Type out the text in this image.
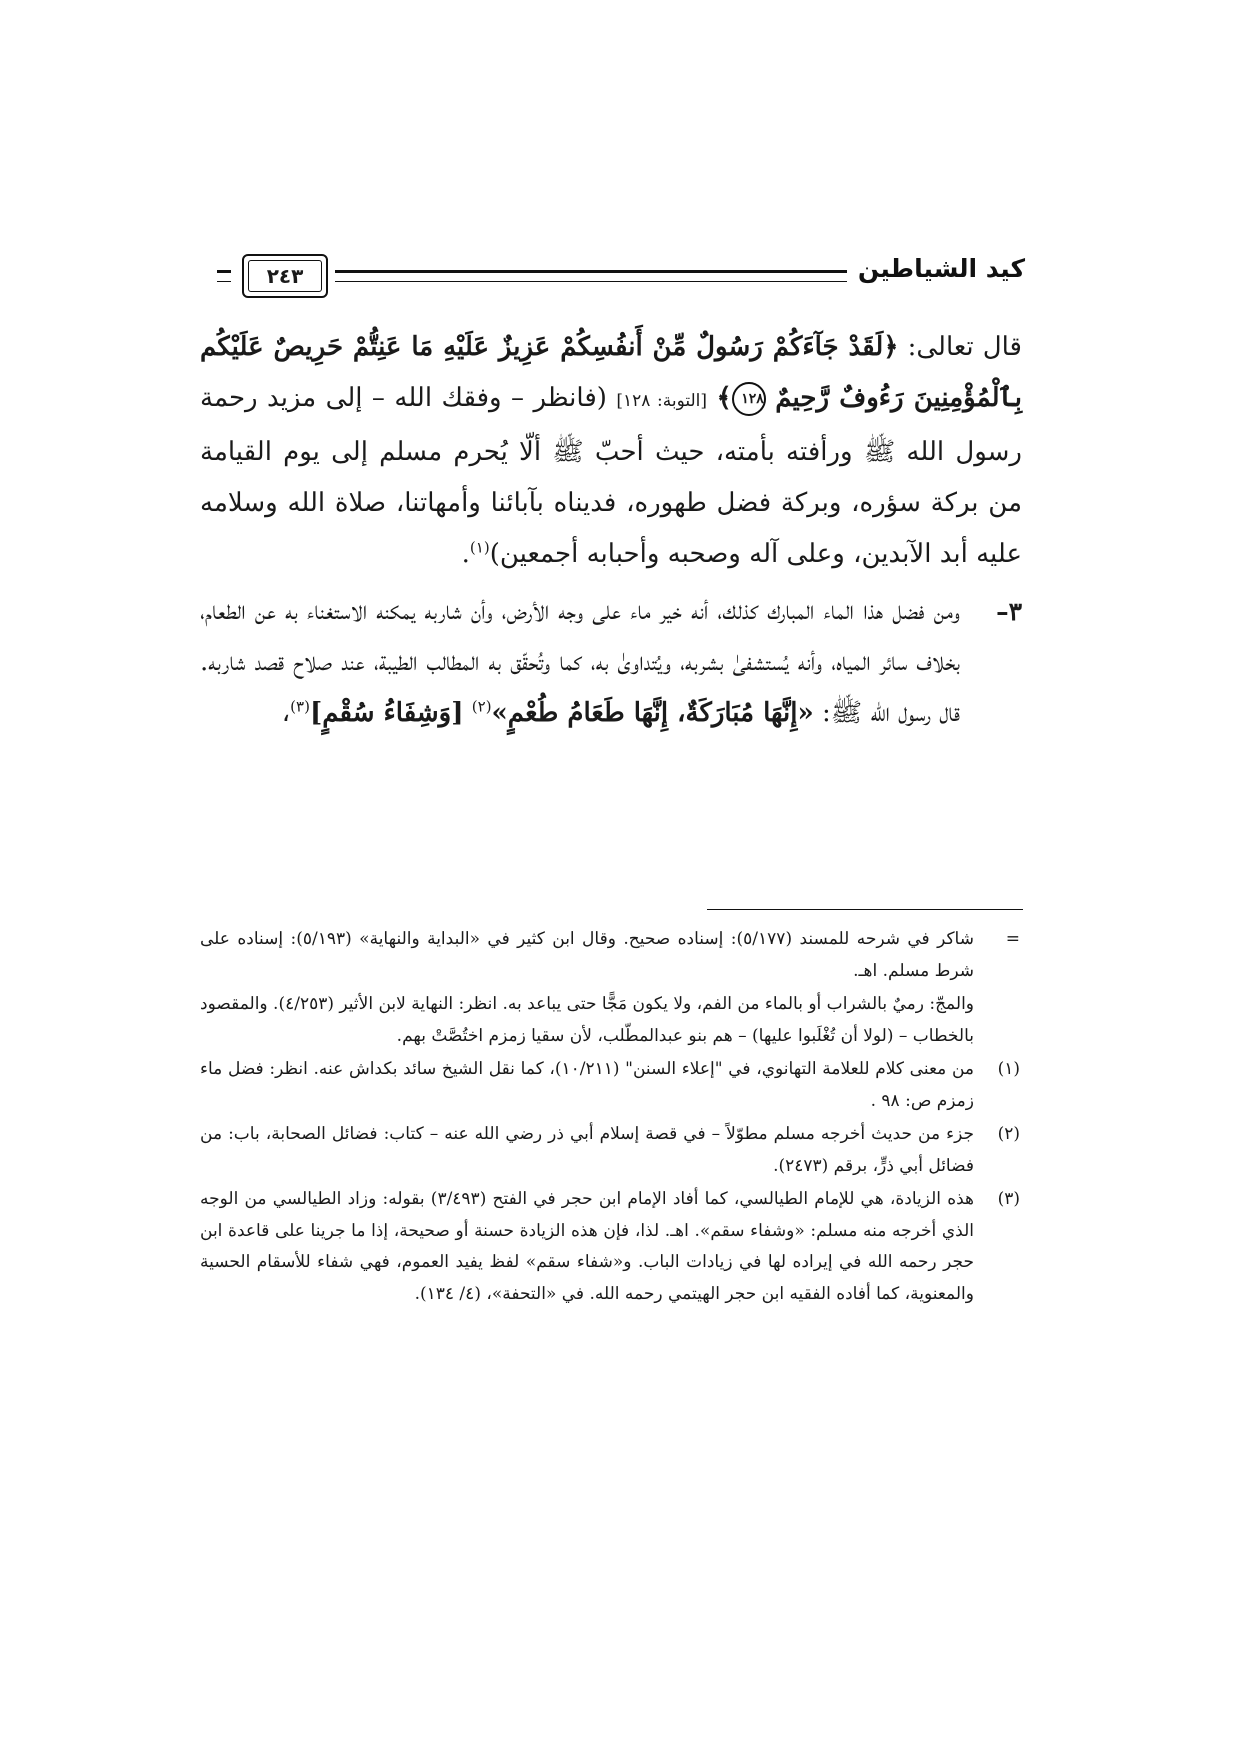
٢٤٣	كيد الشياطين

قال تعالى: ﴿لَقَدْ جَآءَكُمْ رَسُولٌ مِّنْ أَنفُسِكُمْ عَزِيزٌ عَلَيْهِ مَا عَنِتُّمْ حَرِيصٌ عَلَيْكُم بِٱلْمُؤْمِنِينَ رَءُوفٌ رَّحِيمٌ ١٢٨﴾ [التوبة: ١٢٨] (فانظر – وفقك الله – إلى مزيد رحمة رسول الله ﷺ ورأفته بأمته، حيث أحبّ ﷺ ألّا يُحرم مسلم إلى يوم القيامة من بركة سؤره، وبركة فضل طهوره، فديناه بآبائنا وأمهاتنا، صلاة الله وسلامه عليه أبد الآبدين، وعلى آله وصحبه وأحبابه أجمعين)$^{(١)}$.

٣–
ومن فضل هذا الماء المبارك كذلك، أنه خير ماء على وجه الأرض، وأن شاربه يمكنه الاستغناء به عن الطعام، بخلاف سائر المياه، وأنه يُستشفىٰ بشربه، ويُتداوىٰ به، كما وتُحقّق به المطالب الطيبة، عند صلاح قصد شاربه. قال رسول الله ﷺ: «إِنَّهَا مُبَارَكَةٌ، إِنَّهَا طَعَامُ طُعْمٍ»$^{(٢)}$ [وَشِفَاءُ سُقْمٍ]$^{(٣)}$،

=
شاكر في شرحه للمسند (٥/١٧٧): إسناده صحيح. وقال ابن كثير في «البداية والنهاية» (٥/١٩٣): إسناده على شرط مسلم. اهـ.

والمجّ: رميٌ بالشراب أو بالماء من الفم، ولا يكون مَجًّا حتى يباعد به. انظر: النهاية لابن الأثير (٤/٢٥٣). والمقصود بالخطاب – (لولا أن تُغْلَبوا عليها) – هم بنو عبدالمطّلب، لأن سقيا زمزم اختُصَّتْ بهم.

(١)
من معنى كلام للعلامة التهانوي، في "إعلاء السنن" (١٠/٢١١)، كما نقل الشيخ سائد بكداش عنه. انظر: فضل ماء زمزم ص: ٩٨ .

(٢)
جزء من حديث أخرجه مسلم مطوّلاً – في قصة إسلام أبي ذر رضي الله عنه – كتاب: فضائل الصحابة، باب: من فضائل أبي ذرٍّ، برقم (٢٤٧٣).

(٣)
هذه الزيادة، هي للإمام الطيالسي، كما أفاد الإمام ابن حجر في الفتح (٣/٤٩٣) بقوله: وزاد الطيالسي من الوجه الذي أخرجه منه مسلم: «وشفاء سقم». اهـ. لذا، فإن هذه الزيادة حسنة أو صحيحة، إذا ما جرينا على قاعدة ابن حجر رحمه الله في إيراده لها في زيادات الباب. و«شفاء سقم» لفظ يفيد العموم، فهي شفاء للأسقام الحسية والمعنوية، كما أفاده الفقيه ابن حجر الهيتمي رحمه الله. في «التحفة»، (٤/ ١٣٤).
